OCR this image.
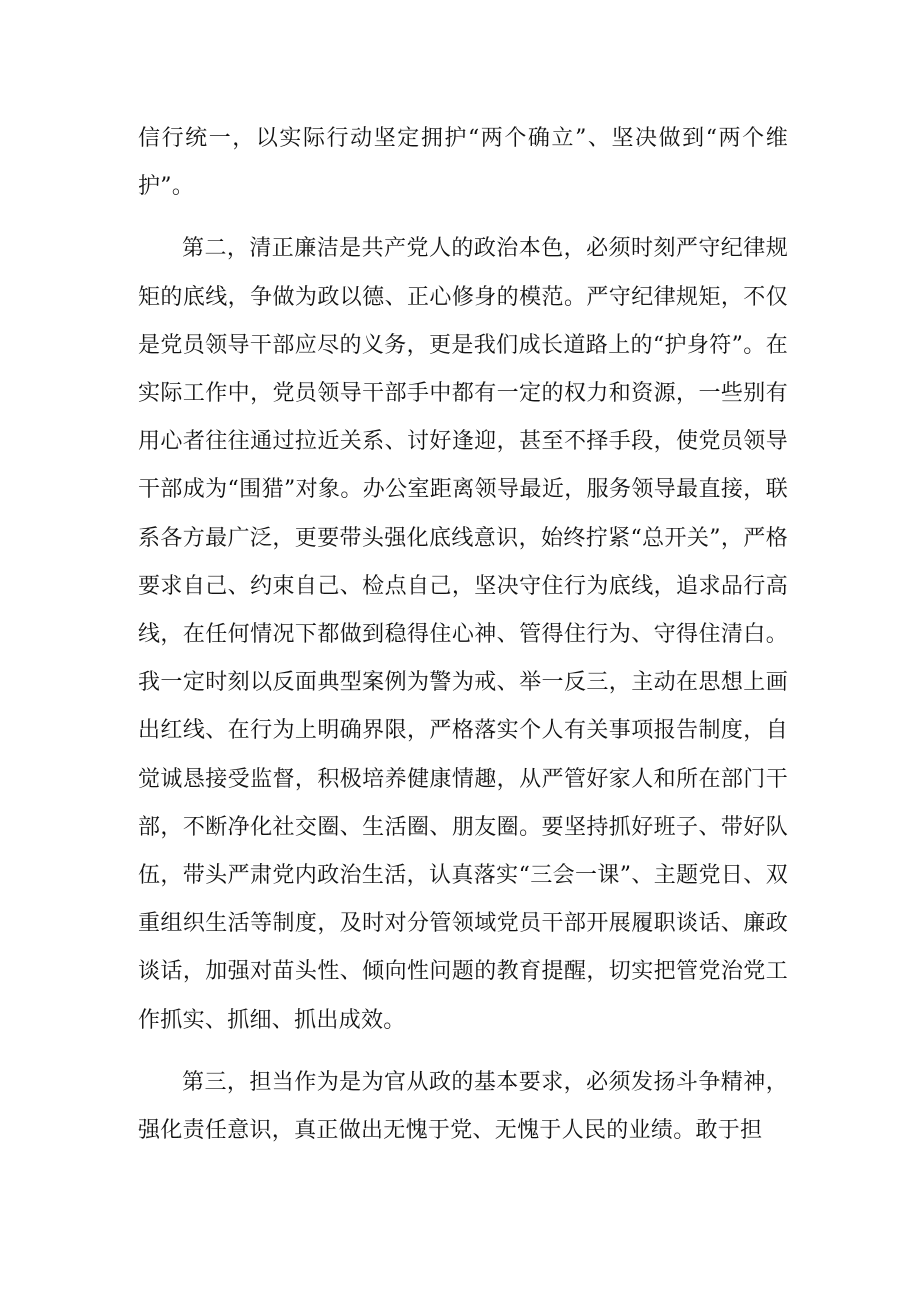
信行统一，以实际行动坚定拥护“两个确立”、坚决做到“两个维护”。

第二，清正廉洁是共产党人的政治本色，必须时刻严守纪律规矩的底线，争做为政以德、正心修身的模范。严守纪律规矩，不仅是党员领导干部应尽的义务，更是我们成长道路上的“护身符”。在实际工作中，党员领导干部手中都有一定的权力和资源，一些别有用心者往往通过拉近关系、讨好逢迎，甚至不择手段，使党员领导干部成为“围猎”对象。办公室距离领导最近，服务领导最直接，联系各方最广泛，更要带头强化底线意识，始终拧紧“总开关”，严格要求自己、约束自己、检点自己，坚决守住行为底线，追求品行高线，在任何情况下都做到稳得住心神、管得住行为、守得住清白。我一定时刻以反面典型案例为警为戒、举一反三，主动在思想上画出红线、在行为上明确界限，严格落实个人有关事项报告制度，自觉诚恳接受监督，积极培养健康情趣，从严管好家人和所在部门干部，不断净化社交圈、生活圈、朋友圈。要坚持抓好班子、带好队伍，带头严肃党内政治生活，认真落实“三会一课”、主题党日、双重组织生活等制度，及时对分管领域党员干部开展履职谈话、廉政谈话，加强对苗头性、倾向性问题的教育提醒，切实把管党治党工作抓实、抓细、抓出成效。

第三，担当作为是为官从政的基本要求，必须发扬斗争精神，强化责任意识，真正做出无愧于党、无愧于人民的业绩。敢于担
